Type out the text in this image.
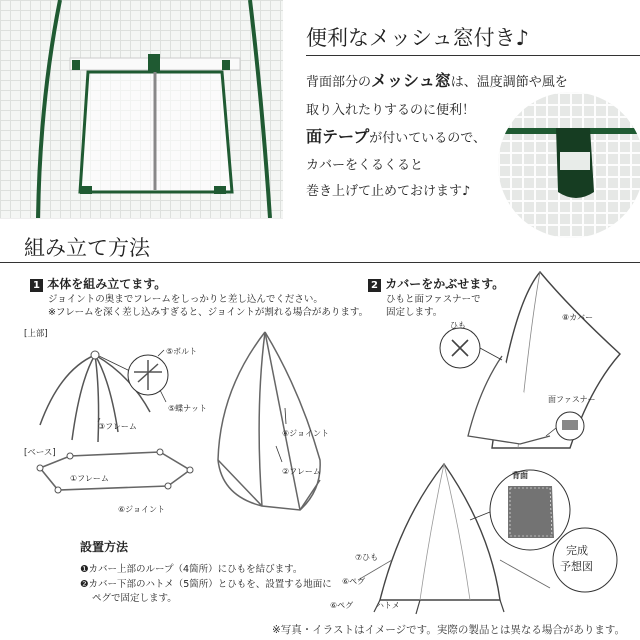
便利なメッシュ窓付き♪
背面部分のメッシュ窓は、温度調節や風を
取り入れたりするのに便利！
面テープが付いているので、
カバーをくるくると
巻き上げて止めておけます♪
組み立て方法
1 本体を組み立てます。
ジョイントの奥までフレームをしっかりと差し込んでください。
※フレームを深く差し込みすぎると、ジョイントが割れる場合があります。
[上部]
[ベース]
⑤ボルト
⑤蝶ナット
③フレーム
①フレーム
⑥ジョイント
④ジョイント
②フレーム
2 カバーをかぶせます。
ひもと面ファスナーで
固定します。
ひも
⑧カバー
面ファスナー
設置方法
❶カバー上部のループ（4箇所）にひもを結びます。
❷カバー下部のハトメ（5箇所）とひもを、設置する地面に
ペグで固定します。
背面
⑦ひも
⑥ペグ
⑥ペグ	ハトメ
完成
予想図
※写真・イラストはイメージです。実際の製品とは異なる場合があります。
